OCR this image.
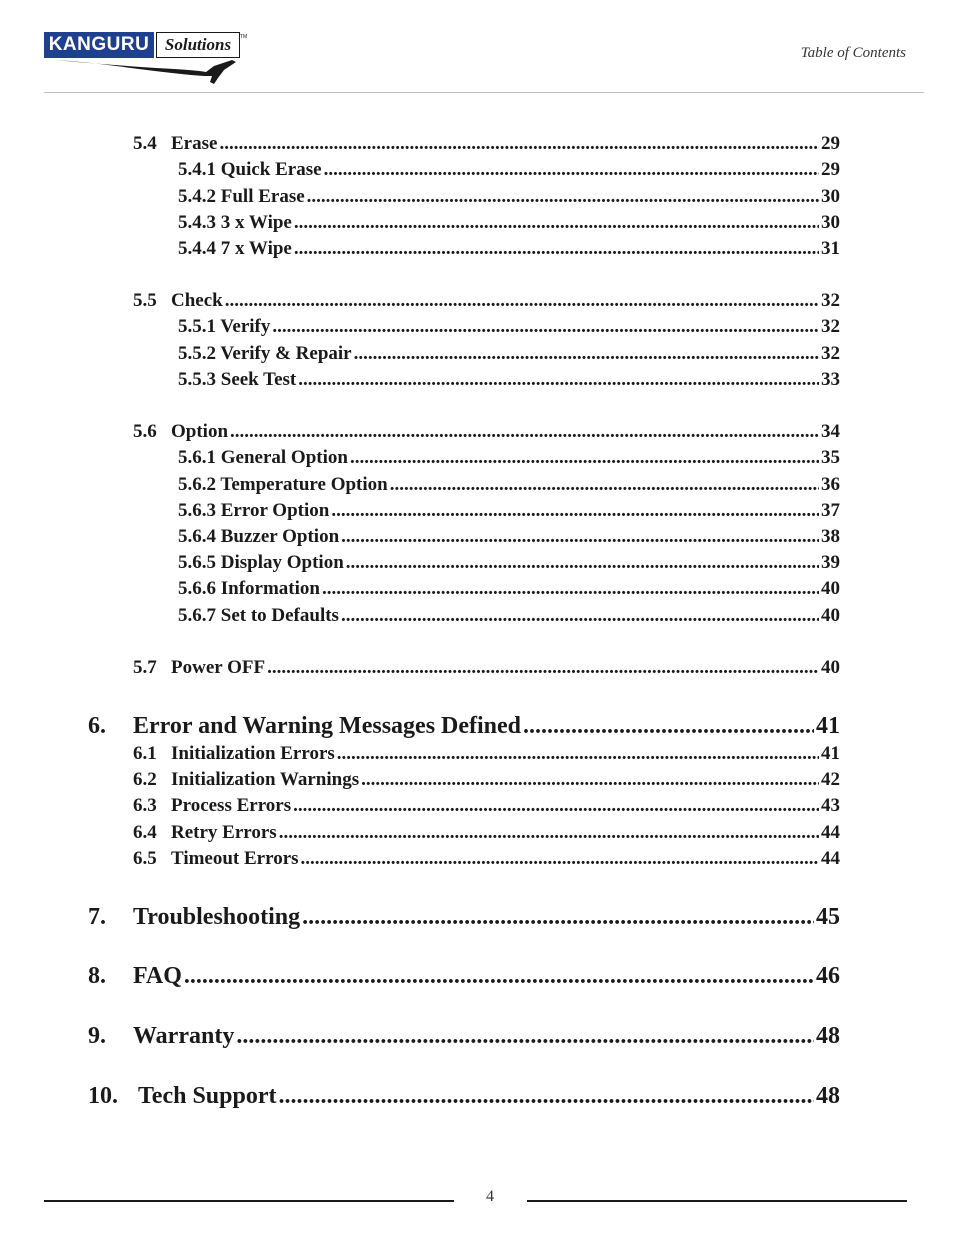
KANGURU Solutions	TM
Table of Contents
5.4 Erase .....	29
5.4.1 Quick Erase .....	29
5.4.2 Full Erase .....	30
5.4.3 3 x Wipe .....	30
5.4.4 7 x Wipe .....	31
5.5 Check .....	32
5.5.1 Verify .....	32
5.5.2 Verify & Repair .....	32
5.5.3 Seek Test .....	33
5.6 Option .....	34
5.6.1 General Option .....	35
5.6.2 Temperature Option .....	36
5.6.3 Error Option .....	37
5.6.4 Buzzer Option .....	38
5.6.5 Display Option .....	39
5.6.6 Information .....	40
5.6.7 Set to Defaults .....	40
5.7 Power OFF .....	40
6.	Error and Warning Messages Defined .....	41
6.1 Initialization Errors .....	41
6.2 Initialization Warnings .....	42
6.3 Process Errors .....	43
6.4 Retry Errors .....	44
6.5 Timeout Errors .....	44
7.	Troubleshooting .....	45
8.	FAQ .....	46
9.	Warranty .....	48
10. Tech Support .....	48
4
